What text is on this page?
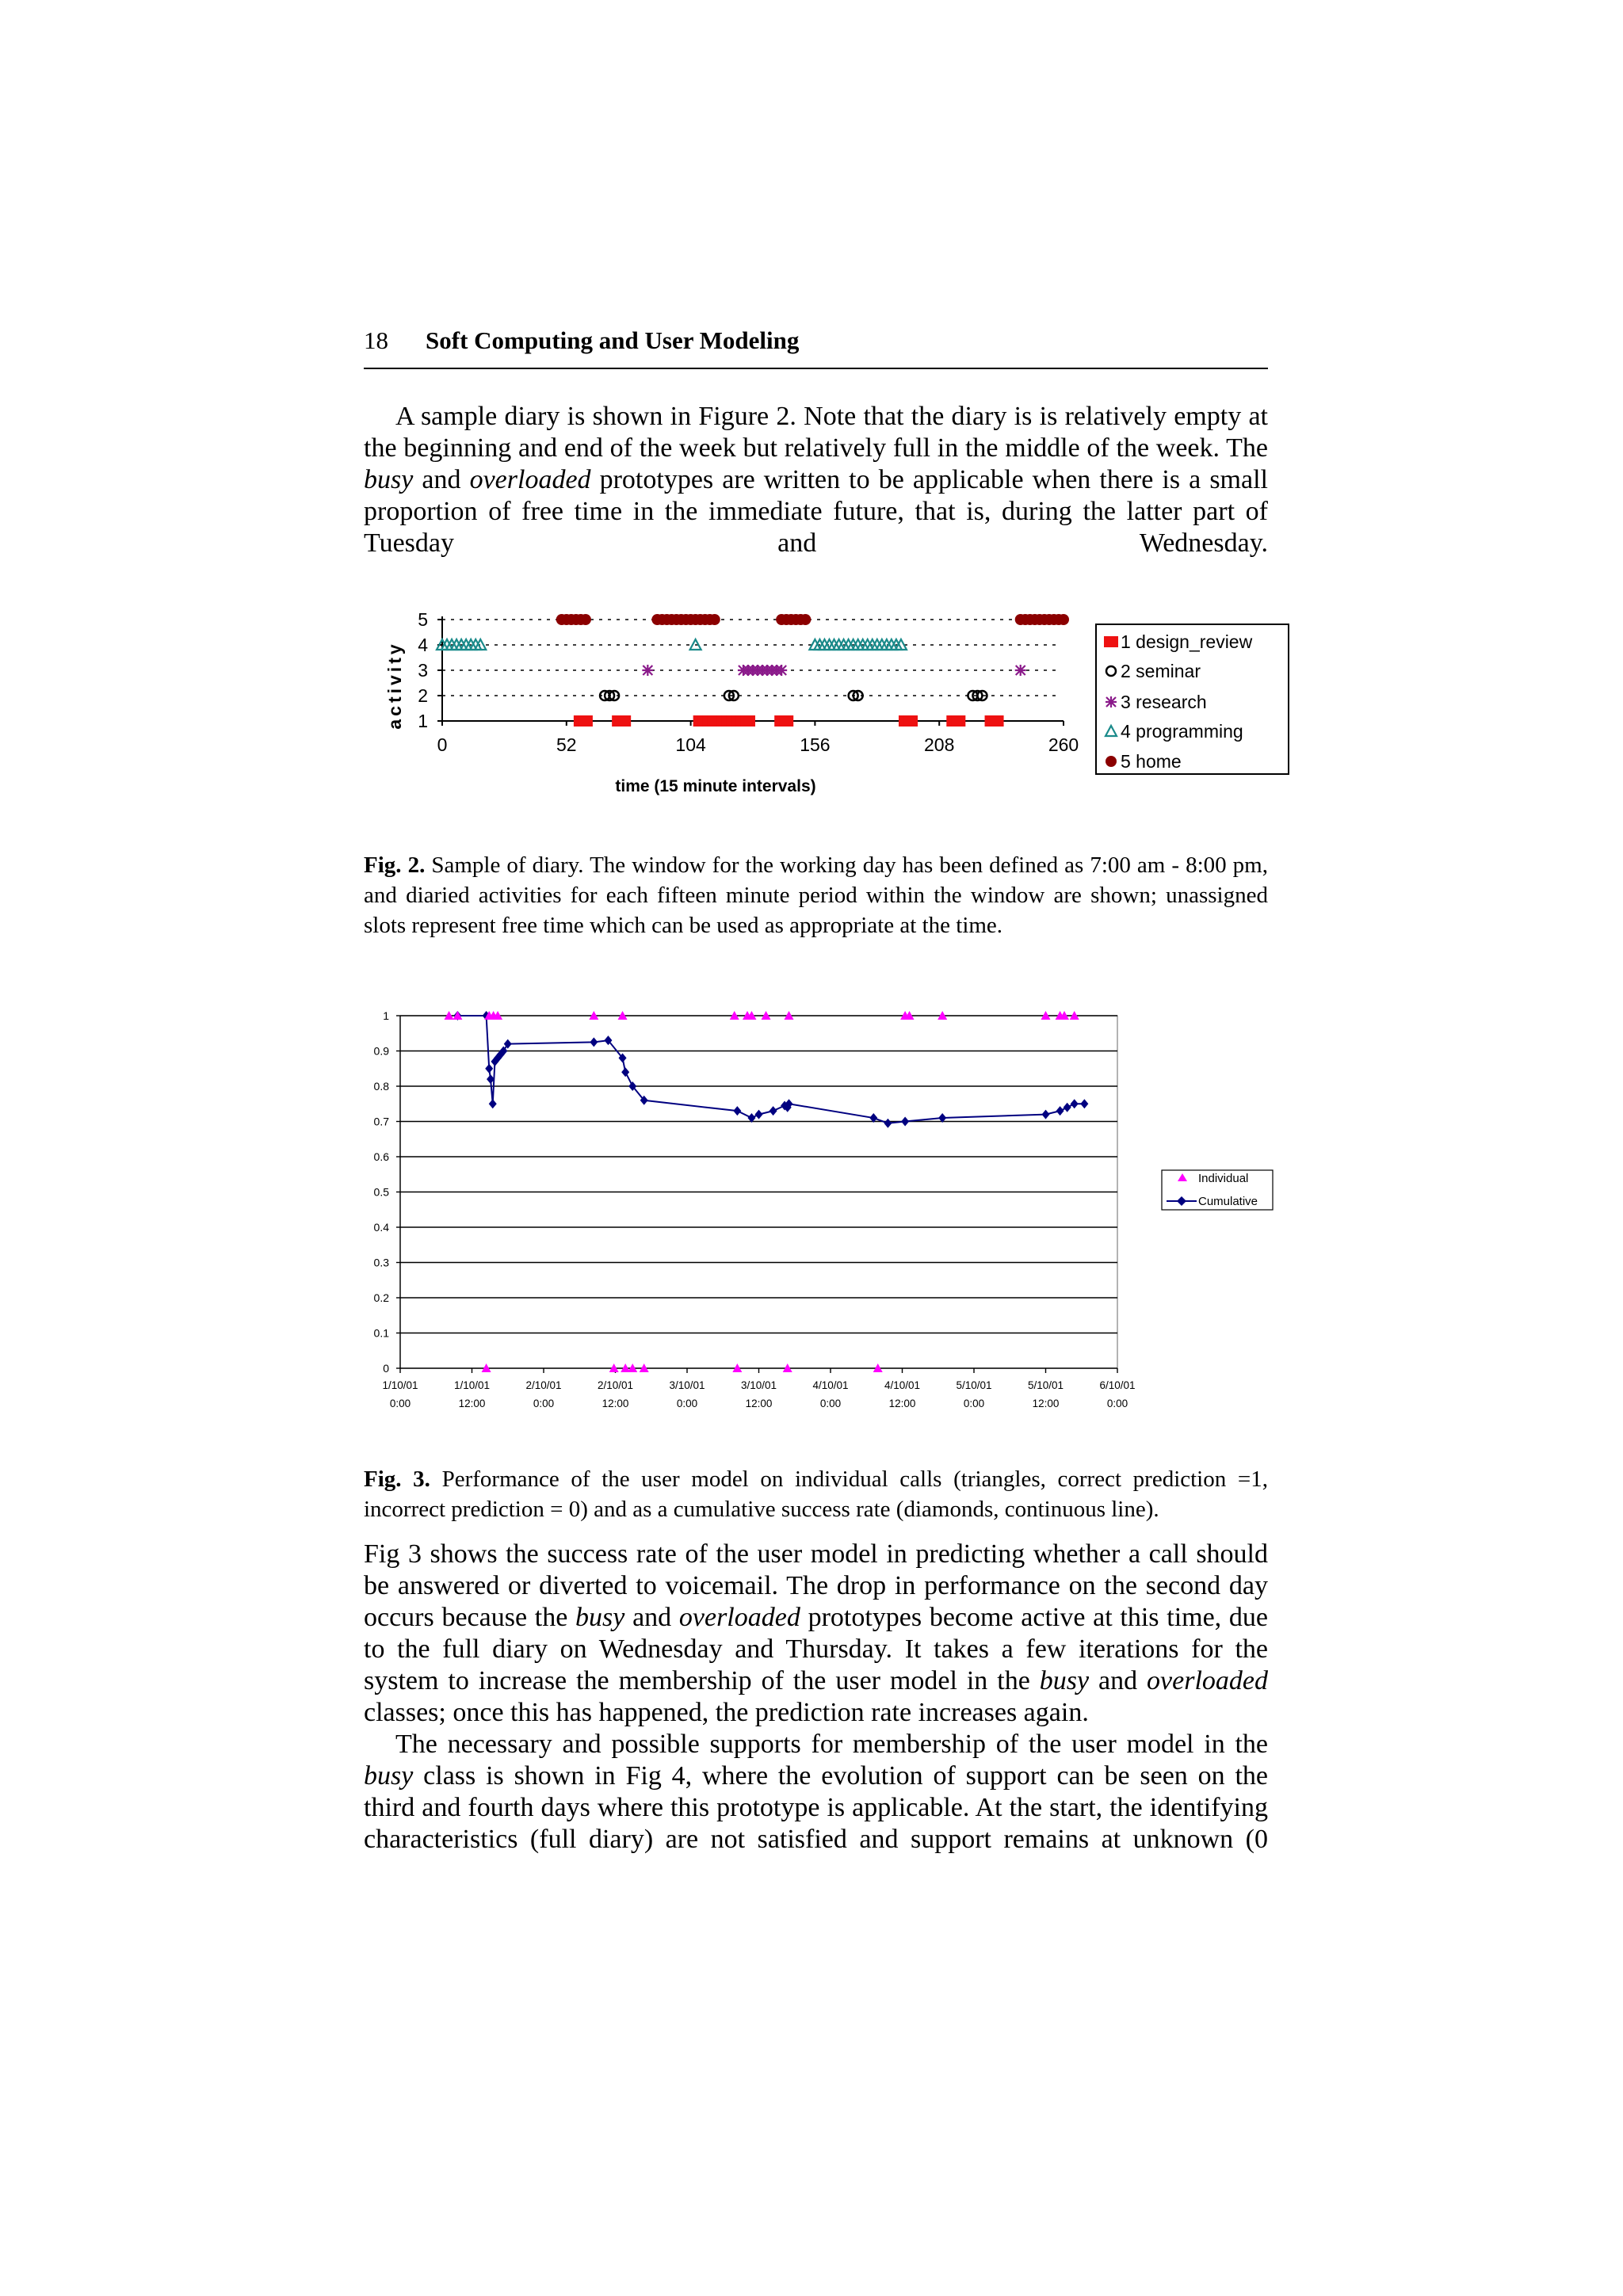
18 Soft Computing and User Modeling

A sample diary is shown in Figure 2. Note that the diary is is relatively empty at the beginning and end of the week but relatively full in the middle of the week. The busy and overloaded prototypes are written to be applicable when there is a small proportion of free time in the immediate future, that is, during the latter part of Tuesday and Wednesday.

1
2
3
4
5
0	52	104	156	208	260
activity
time (15 minute intervals)
1 design_review
2 seminar
3 research
4 programming
5 home
Fig. 2. Sample of diary. The window for the working day has been defined as 7:00 am - 8:00 pm, and diaried activities for each fifteen minute period within the window are shown; unassigned slots represent free time which can be used as appropriate at the time.
0
0.1
0.2
0.3
0.4
0.5
0.6
0.7
0.8
0.9
1
1/10/01
0:00
1/10/01
12:00
2/10/01
0:00
2/10/01
12:00
3/10/01
0:00
3/10/01
12:00
4/10/01
0:00
4/10/01
12:00
5/10/01
0:00
5/10/01
12:00
6/10/01
0:00
Individual
Cumulative
Fig. 3. Performance of the user model on individual calls (triangles, correct prediction =1, incorrect prediction = 0) and as a cumulative success rate (diamonds, continuous line).

Fig 3 shows the success rate of the user model in predicting whether a call should be answered or diverted to voicemail. The drop in performance on the second day occurs because the busy and overloaded prototypes become active at this time, due to the full diary on Wednesday and Thursday. It takes a few iterations for the system to increase the membership of the user model in the busy and overloaded classes; once this has happened, the prediction rate increases again.

The necessary and possible supports for membership of the user model in the busy class is shown in Fig 4, where the evolution of support can be seen on the third and fourth days where this prototype is applicable. At the start, the identifying characteristics (full diary) are not satisfied and support remains at unknown (0
